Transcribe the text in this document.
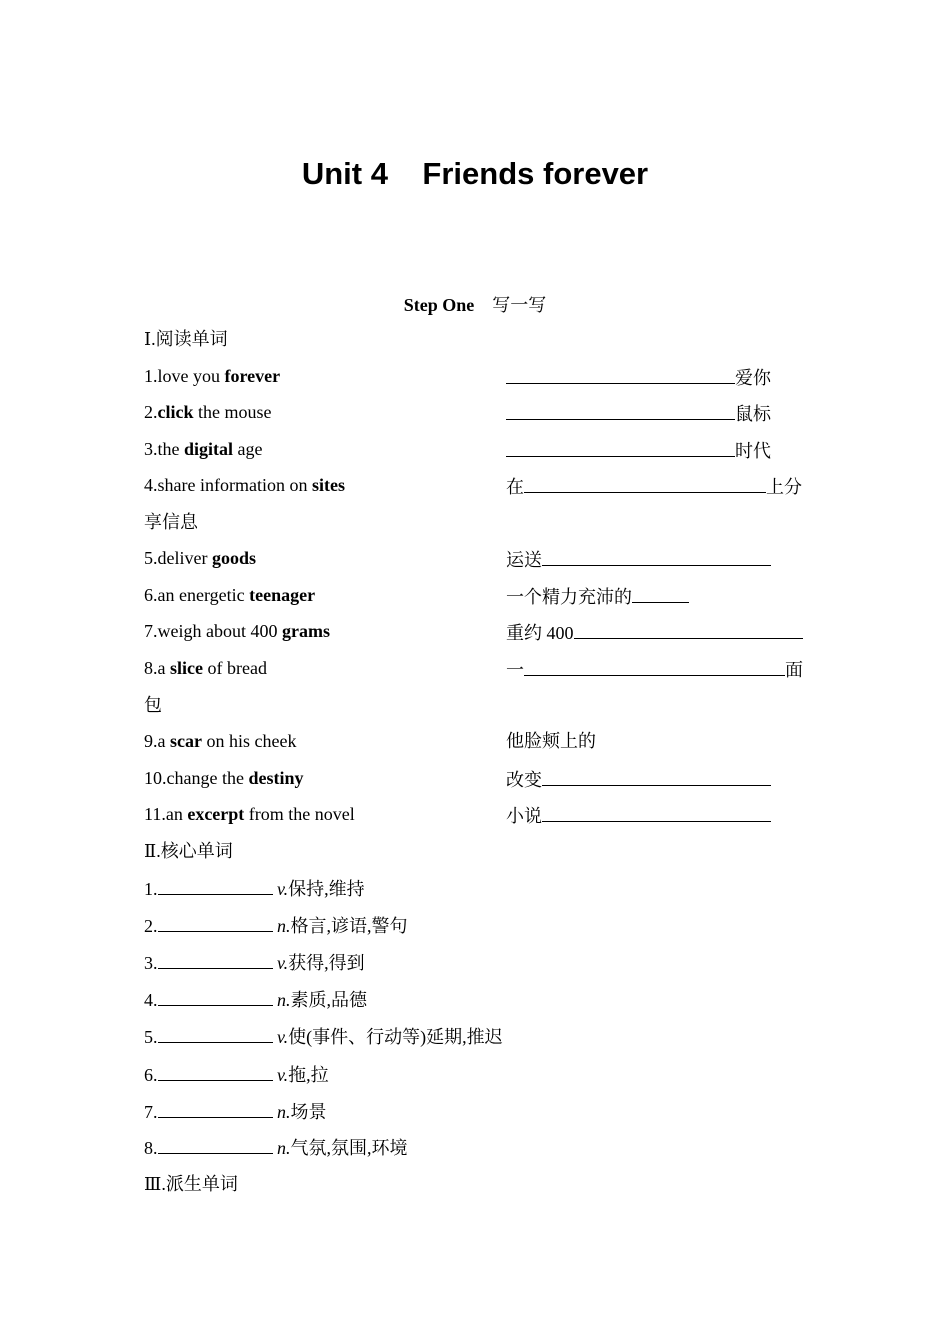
Unit 4    Friends forever
Step One 写一写
Ⅰ.阅读单词
1.love you forever	爱你
2.click the mouse	鼠标
3.the digital age	时代
4.share information on sites	在	上分
享信息
5.deliver goods	运送
6.an energetic teenager	一个精力充沛的
7.weigh about 400 grams	重约 400
8.a slice of bread	一	面
包
9.a scar on his cheek	他脸颊上的
10.change the destiny	改变
11.an excerpt from the novel	小说
Ⅱ.核心单词
1.	v.保持,维持
2.	n.格言,谚语,警句
3.	v.获得,得到
4.	n.素质,品德
5.	v.使(事件、行动等)延期,推迟
6.	v.拖,拉
7.	n.场景
8.	n.气氛,氛围,环境
Ⅲ.派生单词
